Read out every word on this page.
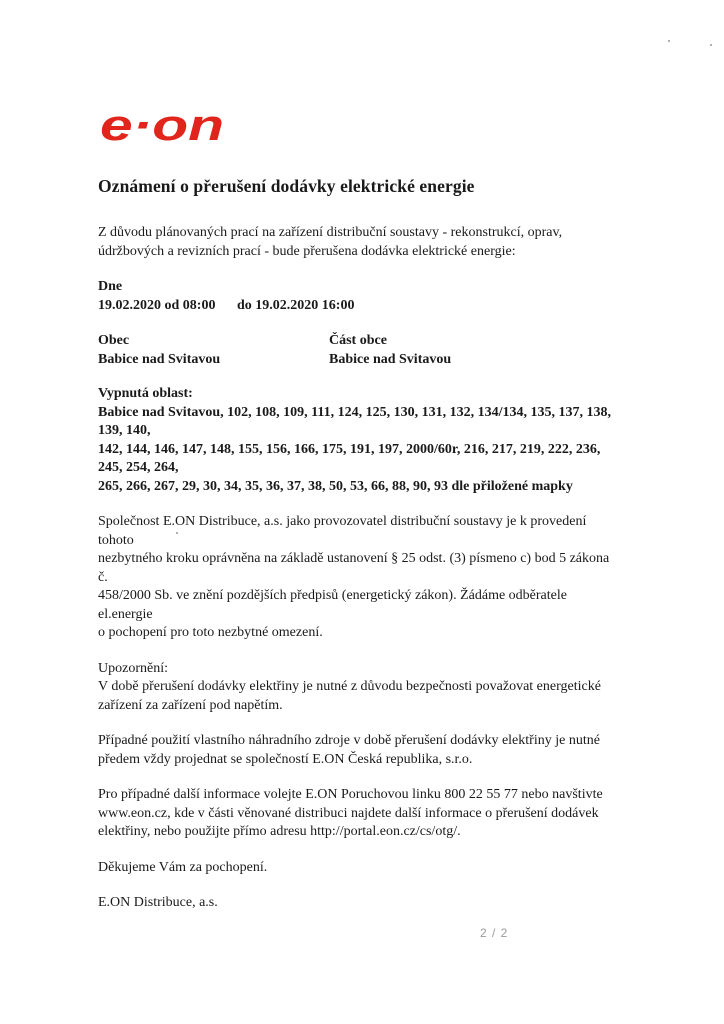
e·on
Oznámení o přerušení dodávky elektrické energie

Z důvodu plánovaných prací na zařízení distribuční soustavy - rekonstrukcí, oprav,

údržbových a revizních prací - bude přerušena dodávka elektrické energie:

Dne

19.02.2020 od 08:00 do 19.02.2020 16:00

Obec

Babice nad Svitavou

Část obce

Babice nad Svitavou

Vypnutá oblast:

Babice nad Svitavou, 102, 108, 109, 111, 124, 125, 130, 131, 132, 134/134, 135, 137, 138, 139, 140,

142, 144, 146, 147, 148, 155, 156, 166, 175, 191, 197, 2000/60r, 216, 217, 219, 222, 236, 245, 254, 264,

265, 266, 267, 29, 30, 34, 35, 36, 37, 38, 50, 53, 66, 88, 90, 93 dle přiložené mapky

Společnost E.ON Distribuce, a.s. jako provozovatel distribuční soustavy je k provedení tohoto

nezbytného kroku oprávněna na základě ustanovení § 25 odst. (3) písmeno c) bod 5 zákona č.

458/2000 Sb. ve znění pozdějších předpisů (energetický zákon). Žádáme odběratele el.energie

o pochopení pro toto nezbytné omezení.

Upozornění:

V době přerušení dodávky elektřiny je nutné z důvodu bezpečnosti považovat energetické

zařízení za zařízení pod napětím.

Případné použití vlastního náhradního zdroje v době přerušení dodávky elektřiny je nutné

předem vždy projednat se společností E.ON Česká republika, s.r.o.

Pro případné další informace volejte E.ON Poruchovou linku 800 22 55 77 nebo navštivte

www.eon.cz, kde v části věnované distribuci najdete další informace o přerušení dodávek

elektřiny, nebo použijte přímo adresu http://portal.eon.cz/cs/otg/.

Děkujeme Vám za pochopení.

E.ON Distribuce, a.s.

2 / 2
